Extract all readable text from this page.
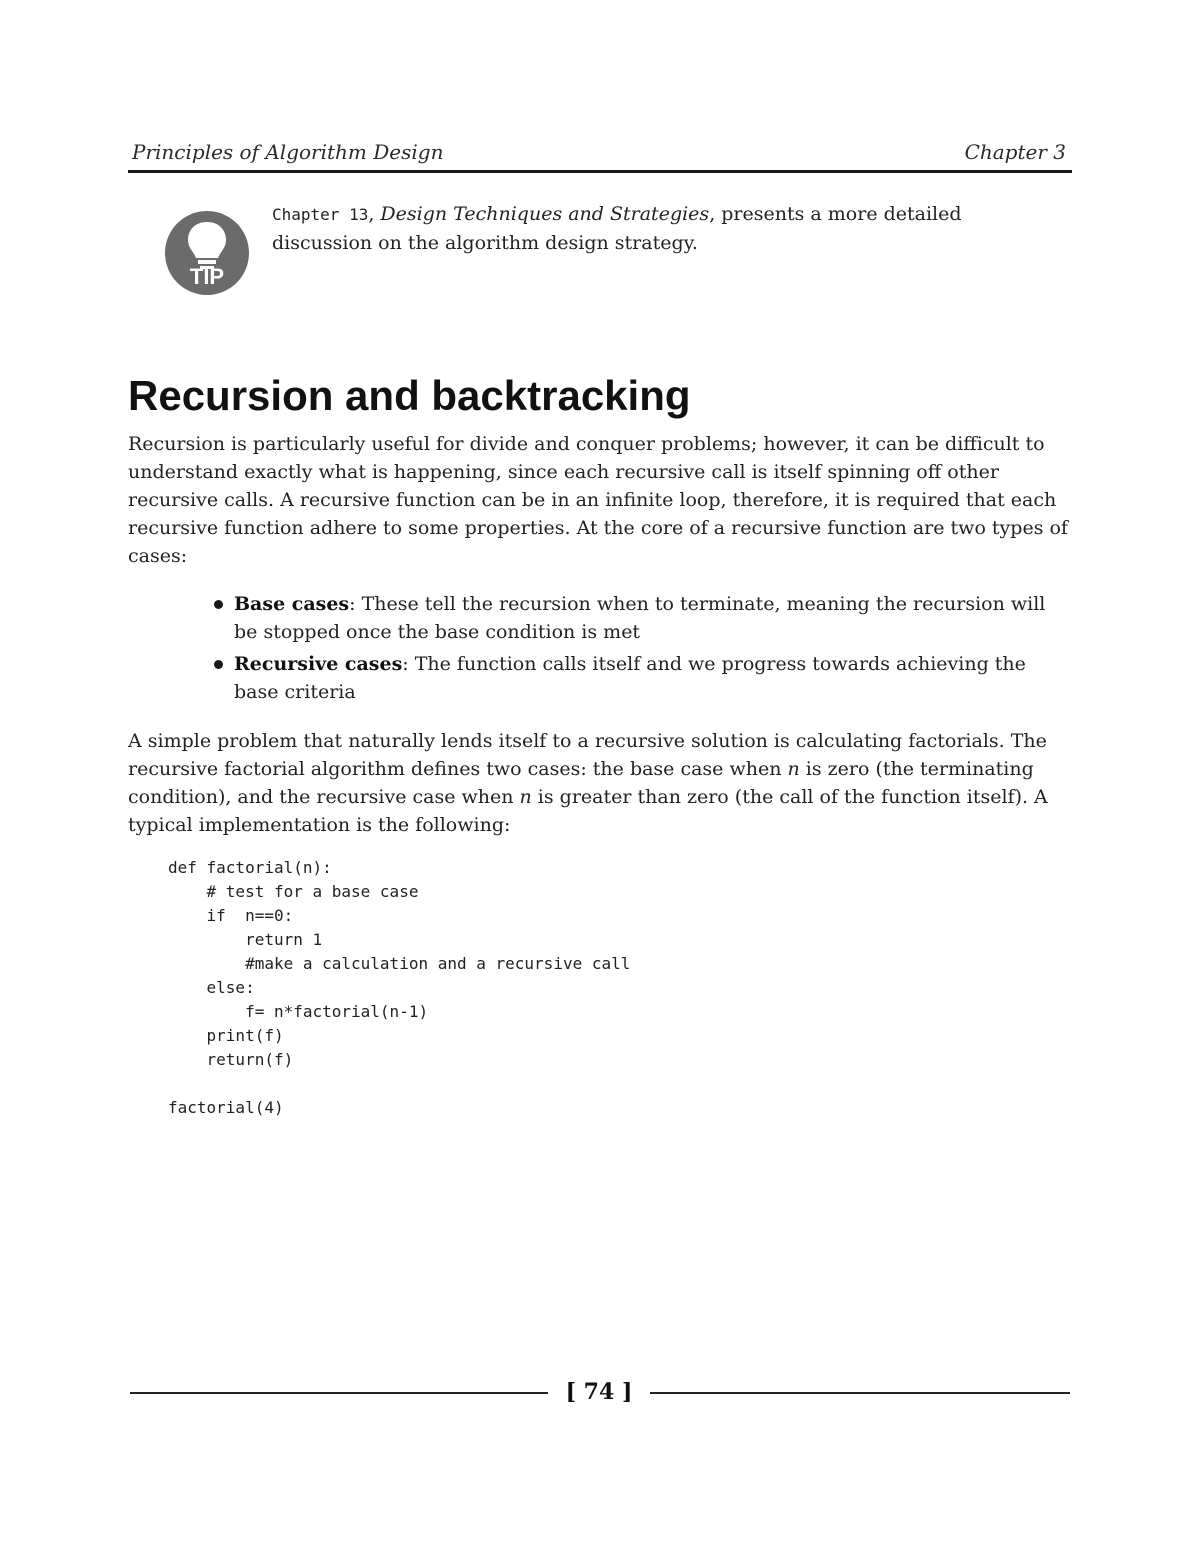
Principles of Algorithm Design	Chapter 3
TIP

Chapter 13, Design Techniques and Strategies, presents a more detailed discussion on the algorithm design strategy.

Recursion and backtracking

Recursion is particularly useful for divide and conquer problems; however, it can be difficult to understand exactly what is happening, since each recursive call is itself spinning off other recursive calls. A recursive function can be in an infinite loop, therefore, it is required that each recursive function adhere to some properties. At the core of a recursive function are two types of cases:

Base cases: These tell the recursion when to terminate, meaning the recursion will be stopped once the base condition is met
Recursive cases: The function calls itself and we progress towards achieving the base criteria

A simple problem that naturally lends itself to a recursive solution is calculating factorials. The recursive factorial algorithm defines two cases: the base case when n is zero (the terminating condition), and the recursive case when n is greater than zero (the call of the function itself). A typical implementation is the following:

def factorial(n):
# test for a base case
if  n==0:
return 1
#make a calculation and a recursive call
else:
f= n*factorial(n-1)
print(f)
return(f)

factorial(4)
[ 74 ]
